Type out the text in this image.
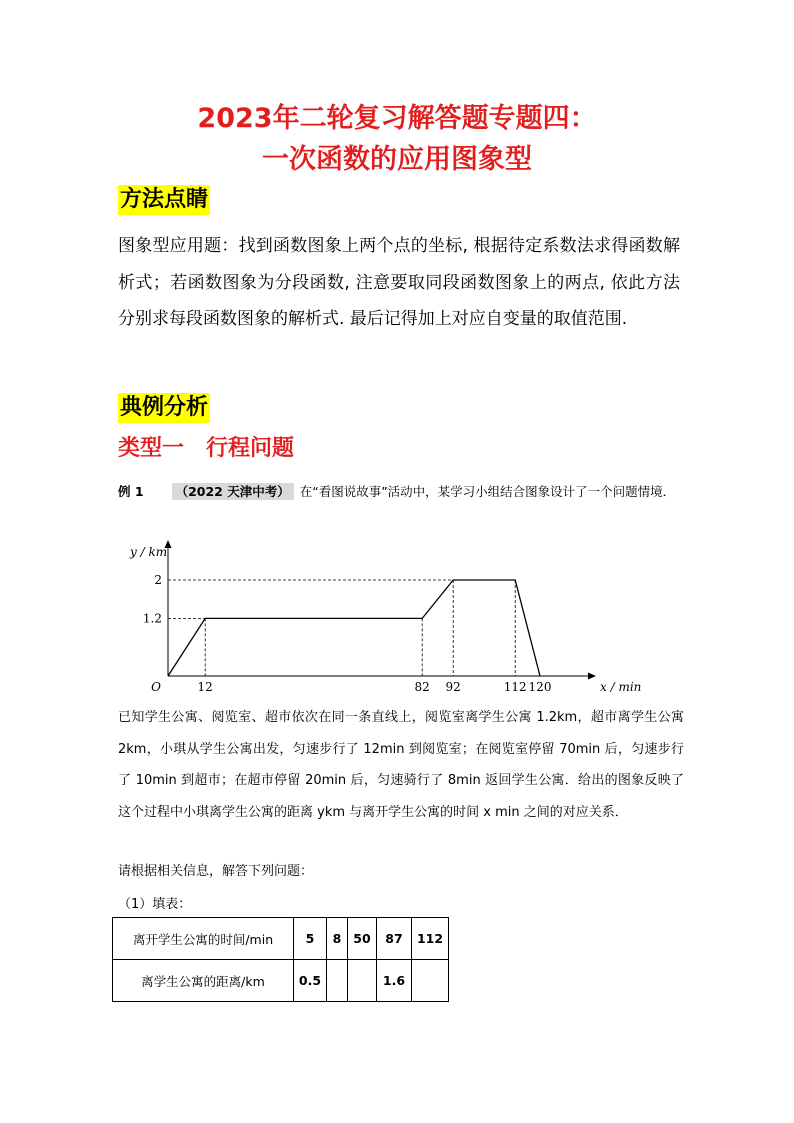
2023年二轮复习解答题专题四：
一次函数的应用图象型
方法点睛
图象型应用题：找到函数图象上两个点的坐标, 根据待定系数法求得函数解析式；若函数图象为分段函数, 注意要取同段函数图象上的两点, 依此方法分别求每段函数图象的解析式. 最后记得加上对应自变量的取值范围.
典例分析
类型一 行程问题
例 1	（2022 天津中考） 在“看图说故事”活动中，某学习小组结合图象设计了一个问题情境．
1.2
2
12	82 92	112 120
O
y / km
x / min
已知学生公寓、阅览室、超市依次在同一条直线上，阅览室离学生公寓 1.2km，超市离学生公寓 2km，小琪从学生公寓出发，匀速步行了 12min 到阅览室；在阅览室停留 70min 后，匀速步行了 10min 到超市；在超市停留 20min 后，匀速骑行了 8min 返回学生公寓．给出的图象反映了这个过程中小琪离学生公寓的距离 ykm 与离开学生公寓的时间 x min 之间的对应关系．
请根据相关信息，解答下列问题：
（1）填表：
离开学生公寓的时间/min	5	8	50	87	112
离学生公寓的距离/km	0.5			1.6	
